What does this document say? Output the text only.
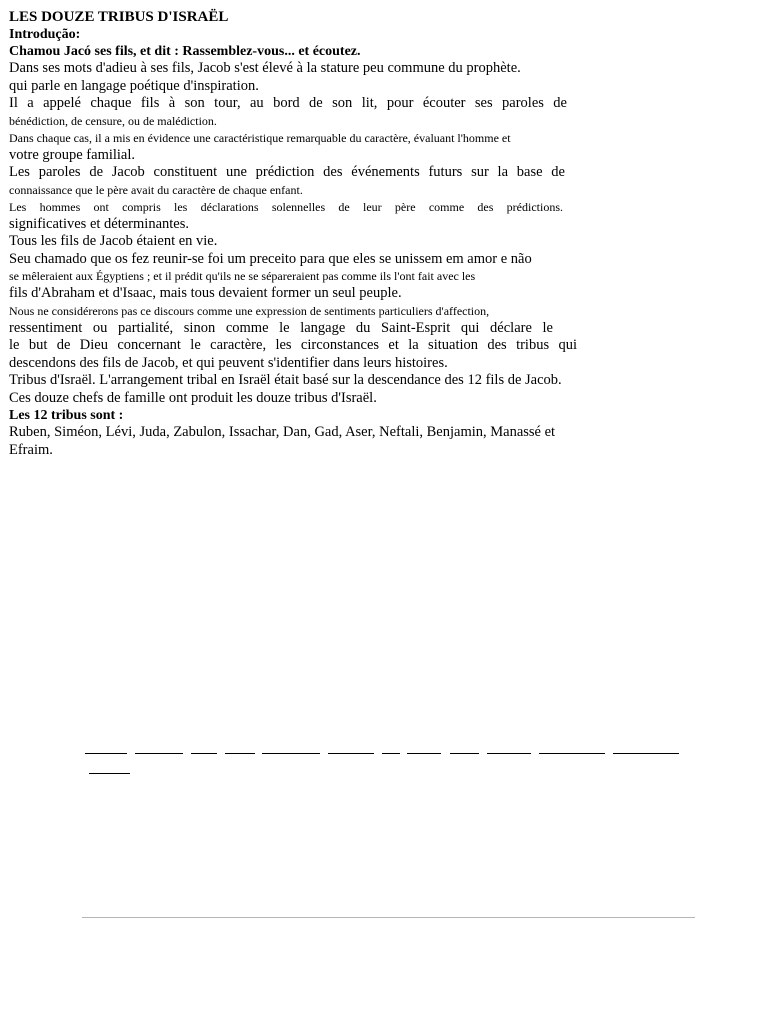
LES DOUZE TRIBUS D'ISRAËL
Introdução:
Chamou Jacó ses fils, et dit : Rassemblez-vous... et écoutez.
Dans ses mots d'adieu à ses fils, Jacob s'est élevé à la stature peu commune du prophète.
qui parle en langage poétique d'inspiration.
Il a appelé chaque fils à son tour, au bord de son lit, pour écouter ses paroles de
bénédiction, de censure, ou de malédiction.
Dans chaque cas, il a mis en évidence une caractéristique remarquable du caractère, évaluant l'homme et
votre groupe familial.
Les paroles de Jacob constituent une prédiction des événements futurs sur la base de
connaissance que le père avait du caractère de chaque enfant.
Les hommes ont compris les déclarations solennelles de leur père comme des prédictions.
significatives et déterminantes.
Tous les fils de Jacob étaient en vie.
Seu chamado que os fez reunir-se foi um preceito para que eles se unissem em amor e não
se mêleraient aux Égyptiens ; et il prédit qu'ils ne se sépareraient pas comme ils l'ont fait avec les
fils d'Abraham et d'Isaac, mais tous devaient former un seul peuple.
Nous ne considérerons pas ce discours comme une expression de sentiments particuliers d'affection,
ressentiment ou partialité, sinon comme le langage du Saint-Esprit qui déclare le
le but de Dieu concernant le caractère, les circonstances et la situation des tribus qui
descendons des fils de Jacob, et qui peuvent s'identifier dans leurs histoires.
Tribus d'Israël. L'arrangement tribal en Israël était basé sur la descendance des 12 fils de Jacob.
Ces douze chefs de famille ont produit les douze tribus d'Israël.
Les 12 tribus sont :
Ruben, Siméon, Lévi, Juda, Zabulon, Issachar, Dan, Gad, Aser, Neftali, Benjamin, Manassé et
Efraim.
